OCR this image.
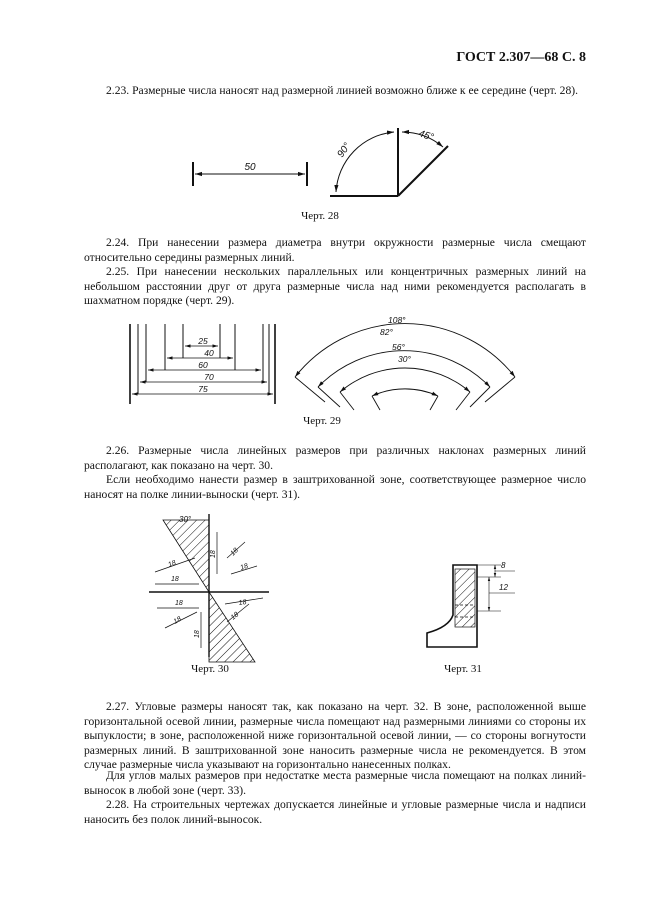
ГОСТ 2.307—68 С. 8

2.23. Размерные числа наносят над размерной линией возможно ближе к ее середине (черт. 28).

50
90°
45°
Черт. 28

2.24. При нанесении размера диаметра внутри окружности размерные числа смещают относительно середины размерных линий.

2.25. При нанесении нескольких параллельных или концентричных размерных линий на небольшом расстоянии друг от друга размерные числа над ними рекомендуется располагать в шахматном порядке (черт. 29).

25
40
60
70
75
108°
82°
56°
30°
Черт. 29

2.26. Размерные числа линейных размеров при различных наклонах размерных линий располагают, как показано на черт. 30.

Если необходимо нанести размер в заштрихованной зоне, соответствующее размерное число наносят на полке линии-выноски (черт. 31).

30°
18 18
18
18
18
18
18
18
18
18
Черт. 30
8
12
Черт. 31

2.27. Угловые размеры наносят так, как показано на черт. 32. В зоне, расположенной выше горизонтальной осевой линии, размерные числа помещают над размерными линиями со стороны их выпуклости; в зоне, расположенной ниже горизонтальной осевой линии, — со стороны вогнутости размерных линий. В заштрихованной зоне наносить размерные числа не рекомендуется. В этом случае размерные числа указывают на горизонтально нанесенных полках.

Для углов малых размеров при недостатке места размерные числа помещают на полках линий-выносок в любой зоне (черт. 33).

2.28. На строительных чертежах допускается линейные и угловые размерные числа и надписи наносить без полок линий-выносок.
